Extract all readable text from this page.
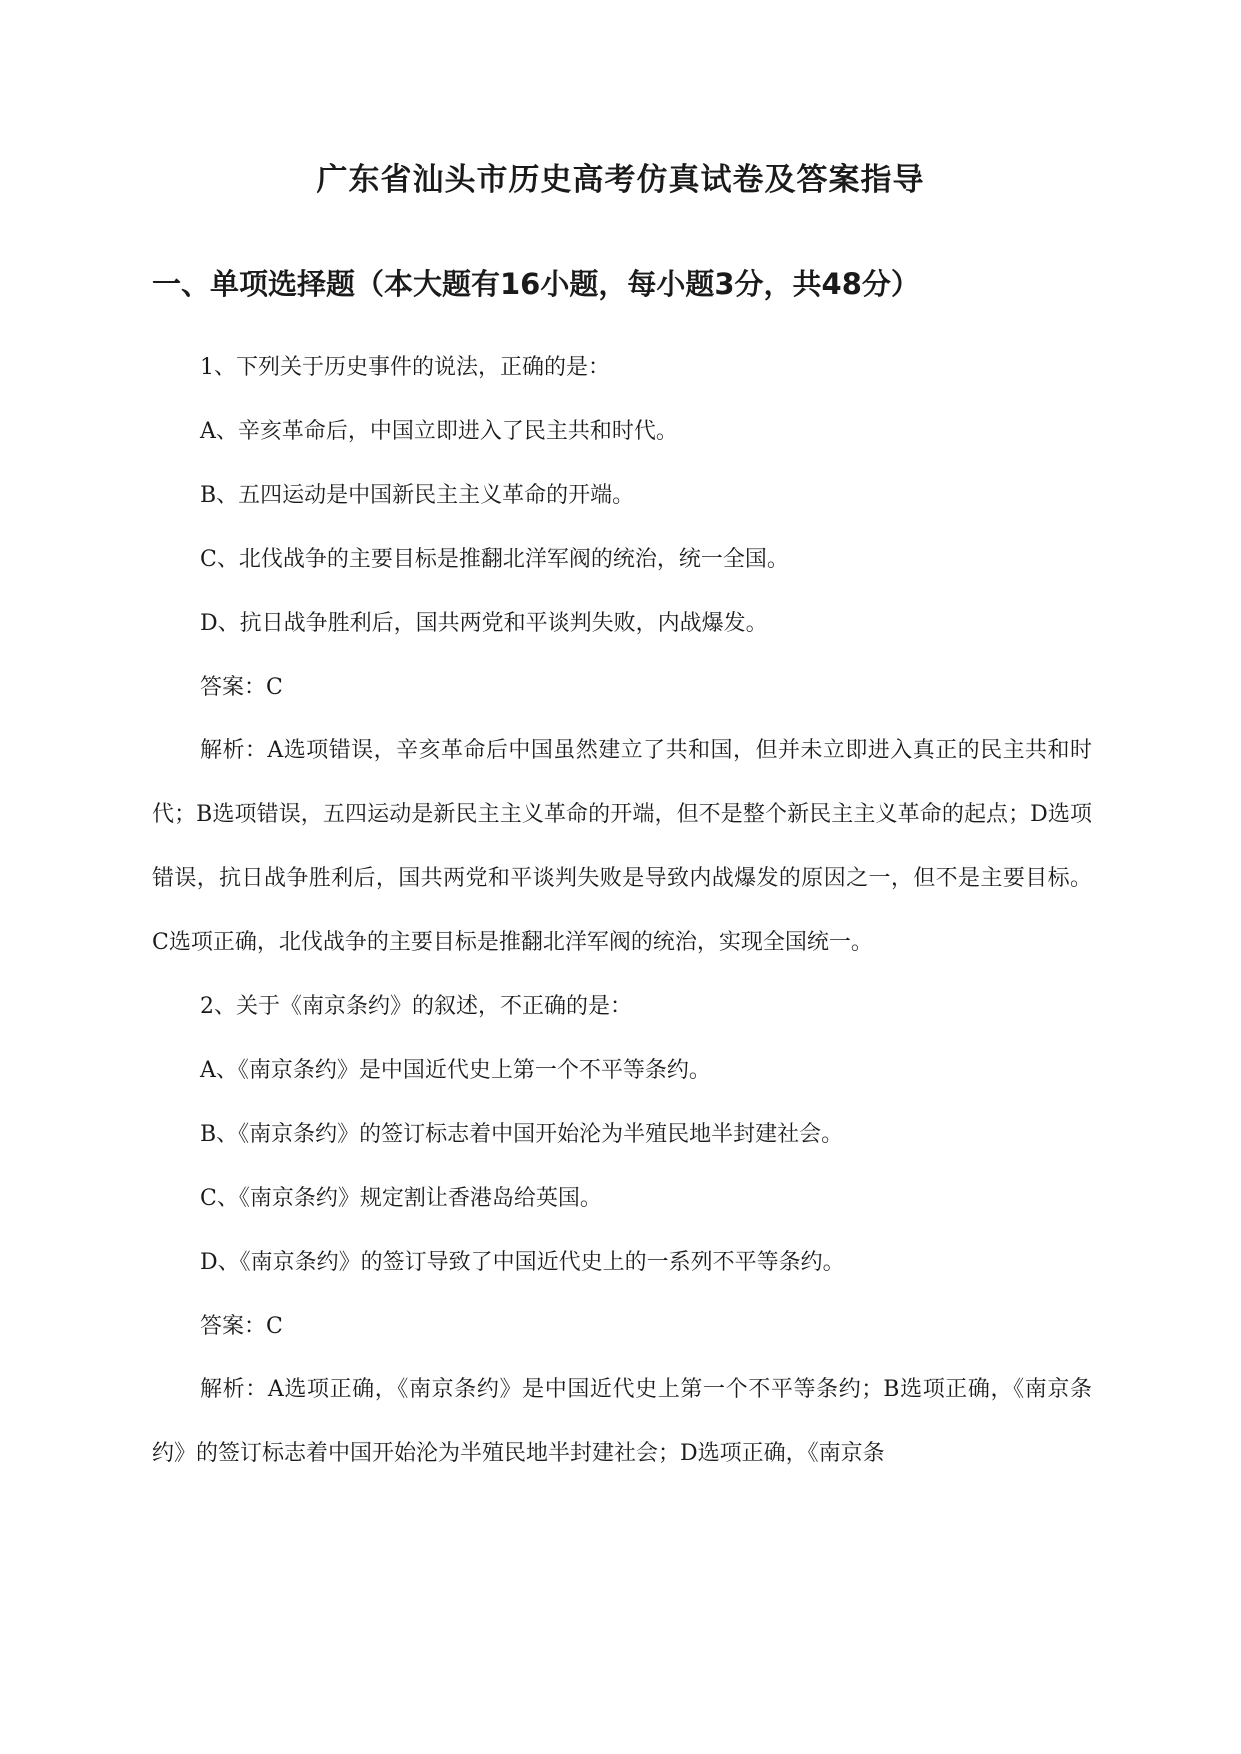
广东省汕头市历史高考仿真试卷及答案指导
一、单项选择题（本大题有16小题，每小题3分，共48分）
1、下列关于历史事件的说法，正确的是：
A、辛亥革命后，中国立即进入了民主共和时代。
B、五四运动是中国新民主主义革命的开端。
C、北伐战争的主要目标是推翻北洋军阀的统治，统一全国。
D、抗日战争胜利后，国共两党和平谈判失败，内战爆发。
答案：C
解析：A选项错误，辛亥革命后中国虽然建立了共和国，但并未立即进入真正的民主共和时代；B选项错误，五四运动是新民主主义革命的开端，但不是整个新民主主义革命的起点；D选项错误，抗日战争胜利后，国共两党和平谈判失败是导致内战爆发的原因之一，但不是主要目标。C选项正确，北伐战争的主要目标是推翻北洋军阀的统治，实现全国统一。
2、关于《南京条约》的叙述，不正确的是：
A、《南京条约》是中国近代史上第一个不平等条约。
B、《南京条约》的签订标志着中国开始沦为半殖民地半封建社会。
C、《南京条约》规定割让香港岛给英国。
D、《南京条约》的签订导致了中国近代史上的一系列不平等条约。
答案：C
解析：A选项正确，《南京条约》是中国近代史上第一个不平等条约；B选项正确，《南京条约》的签订标志着中国开始沦为半殖民地半封建社会；D选项正确，《南京条
